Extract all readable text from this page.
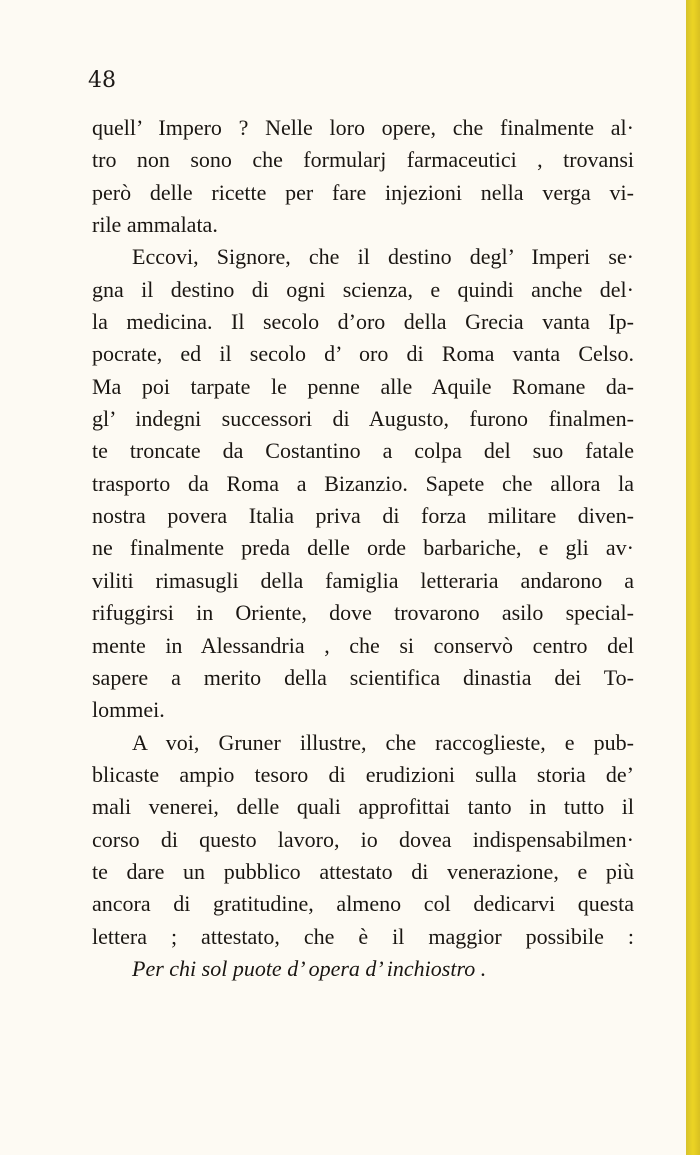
48
quell’ Impero ? Nelle loro opere, che finalmente al·
tro non sono che formularj farmaceutici , trovansi
però delle ricette per fare injezioni nella verga vi-
rile ammalata.
Eccovi, Signore, che il destino degl’ Imperi se·
gna il destino di ogni scienza, e quindi anche del·
la medicina. Il secolo d’oro della Grecia vanta Ip-
pocrate, ed il secolo d’ oro di Roma vanta Celso.
Ma poi tarpate le penne alle Aquile Romane da-
gl’ indegni successori di Augusto, furono finalmen-
te troncate da Costantino a colpa del suo fatale
trasporto da Roma a Bizanzio. Sapete che allora la
nostra povera Italia priva di forza militare diven-
ne finalmente preda delle orde barbariche, e gli av·
viliti rimasugli della famiglia letteraria andarono a
rifuggirsi in Oriente, dove trovarono asilo special-
mente in Alessandria , che si conservò centro del
sapere a merito della scientifica dinastia dei To-
lommei.
A voi, Gruner illustre, che raccoglieste, e pub-
blicaste ampio tesoro di erudizioni sulla storia de’
mali venerei, delle quali approfittai tanto in tutto il
corso di questo lavoro, io dovea indispensabilmen·
te dare un pubblico attestato di venerazione, e più
ancora di gratitudine, almeno col dedicarvi questa
lettera ; attestato, che è il maggior possibile :
Per chi sol puote d’ opera d’ inchiostro .
